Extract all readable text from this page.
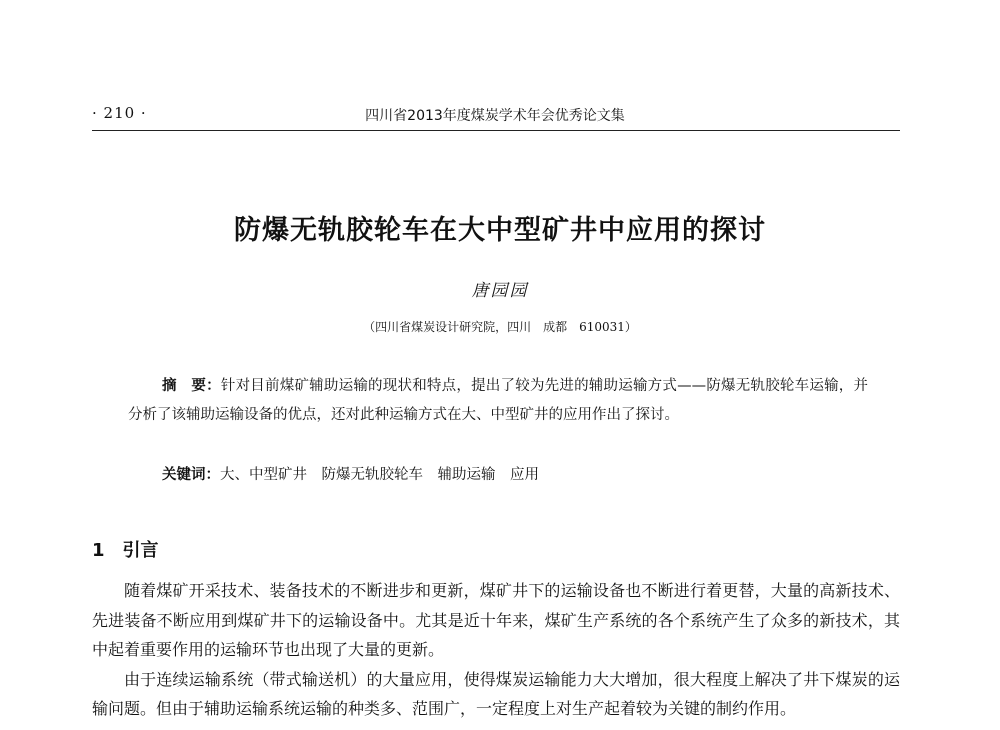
· 210 ·	四川省2013年度煤炭学术年会优秀论文集
防爆无轨胶轮车在大中型矿井中应用的探讨
唐园园
（四川省煤炭设计研究院，四川　成都　610031）
摘　要：针对目前煤矿辅助运输的现状和特点，提出了较为先进的辅助运输方式——防爆无轨胶轮车运输，并分析了该辅助运输设备的优点，还对此种运输方式在大、中型矿井的应用作出了探讨。
关键词：大、中型矿井　防爆无轨胶轮车　辅助运输　应用
1 引言

随着煤矿开采技术、装备技术的不断进步和更新，煤矿井下的运输设备也不断进行着更替，大量的高新技术、先进装备不断应用到煤矿井下的运输设备中。尤其是近十年来，煤矿生产系统的各个系统产生了众多的新技术，其中起着重要作用的运输环节也出现了大量的更新。

由于连续运输系统（带式输送机）的大量应用，使得煤炭运输能力大大增加，很大程度上解决了井下煤炭的运输问题。但由于辅助运输系统运输的种类多、范围广，一定程度上对生产起着较为关键的制约作用。
